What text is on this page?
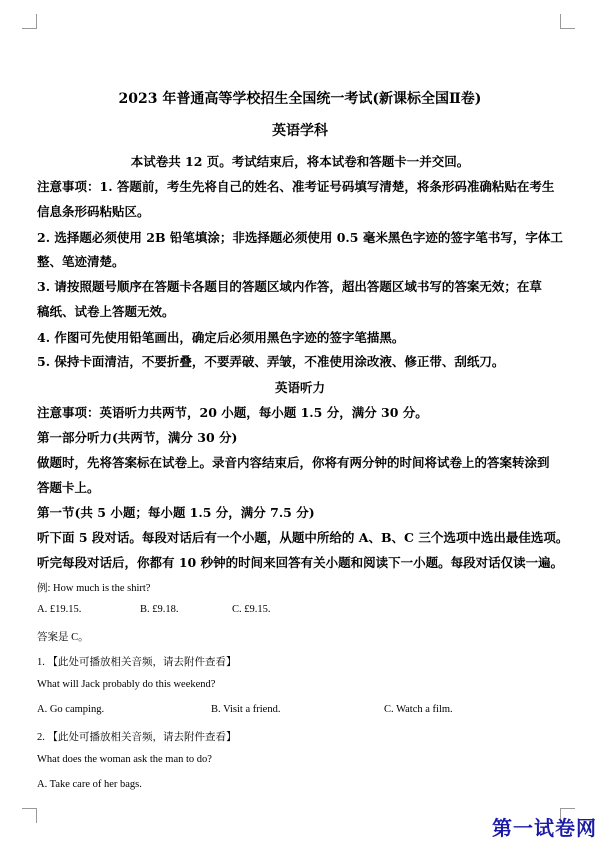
2023 年普通高等学校招生全国统一考试(新课标全国Ⅱ卷)
英语学科
本试卷共 12 页。考试结束后，将本试卷和答题卡一并交回。
注意事项：1. 答题前，考生先将自己的姓名、准考证号码填写清楚，将条形码准确粘贴在考生
信息条形码粘贴区。
2. 选择题必须使用 2B 铅笔填涂；非选择题必须使用 0.5 毫米黑色字迹的签字笔书写，字体工
整、笔迹清楚。
3. 请按照题号顺序在答题卡各题目的答题区域内作答，超出答题区域书写的答案无效；在草
稿纸、试卷上答题无效。
4. 作图可先使用铅笔画出，确定后必须用黑色字迹的签字笔描黑。
5. 保持卡面清洁，不要折叠，不要弄破、弄皱，不准使用涂改液、修正带、刮纸刀。
英语听力
注意事项：英语听力共两节，20 小题，每小题 1.5 分，满分 30 分。
第一部分听力(共两节，满分 30 分)
做题时，先将答案标在试卷上。录音内容结束后，你将有两分钟的时间将试卷上的答案转涂到
答题卡上。
第一节(共 5 小题；每小题 1.5 分，满分 7.5 分)
听下面 5 段对话。每段对话后有一个小题，从题中所给的 A、B、C 三个选项中选出最佳选项。
听完每段对话后，你都有 10 秒钟的时间来回答有关小题和阅读下一小题。每段对话仅读一遍。
例: How much is the shirt?
A. £19.15.	B. £9.18.	C. £9.15.
答案是 C。
1. 【此处可播放相关音频，请去附件查看】
What will Jack probably do this weekend?
A. Go camping.	B. Visit a friend.	C. Watch a film.
2. 【此处可播放相关音频，请去附件查看】
What does the woman ask the man to do?
A. Take care of her bags.
第一试卷网
